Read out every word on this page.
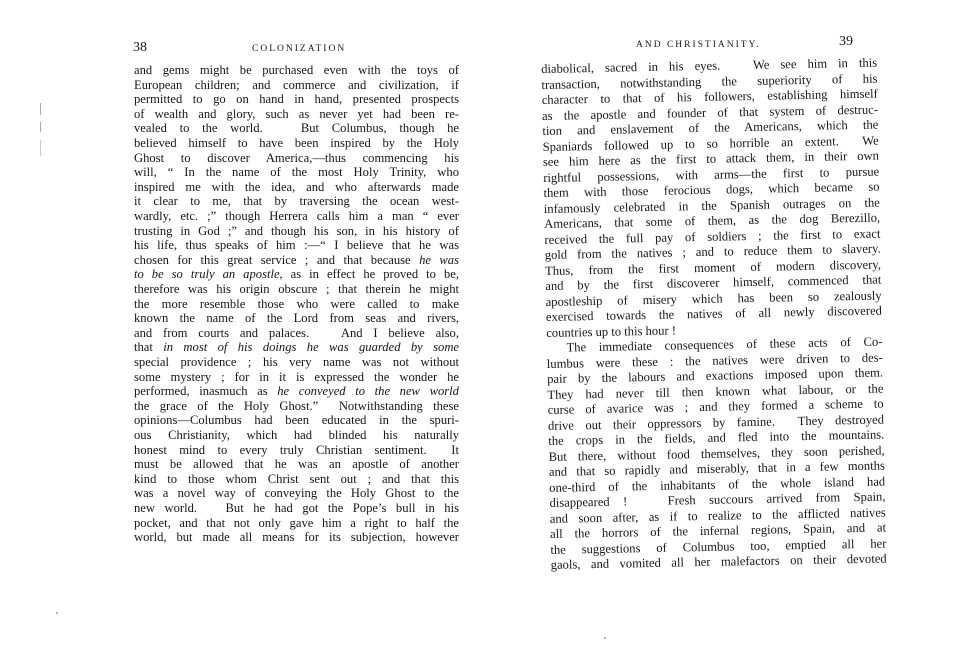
38	COLONIZATION
and gems might be purchased even with the toys of
European children; and commerce and civilization, if
permitted to go on hand in hand, presented prospects
of wealth and glory, such as never yet had been re-
vealed to the world.   But Columbus, though he
believed himself to have been inspired by the Holy
Ghost to discover America,—thus commencing his
will, “ In the name of the most Holy Trinity, who
inspired me with the idea, and who afterwards made
it clear to me, that by traversing the ocean west-
wardly, etc. ;” though Herrera calls him a man “ ever
trusting in God ;” and though his son, in his history of
his life, thus speaks of him :—“ I believe that he was
chosen for this great service ; and that because he was
to be so truly an apostle, as in effect he proved to be,
therefore was his origin obscure ; that therein he might
the more resemble those who were called to make
known the name of the Lord from seas and rivers,
and from courts and palaces.   And I believe also,
that in most of his doings he was guarded by some
special providence ; his very name was not without
some mystery ; for in it is expressed the wonder he
performed, inasmuch as he conveyed to the new world
the grace of the Holy Ghost.”  Notwithstanding these
opinions—Columbus had been educated in the spuri-
ous Christianity, which had blinded his naturally
honest mind to every truly Christian sentiment.  It
must be allowed that he was an apostle of another
kind to those whom Christ sent out ; and that this
was a novel way of conveying the Holy Ghost to the
new world.   But he had got the Pope’s bull in his
pocket, and that not only gave him a right to half the
world, but made all means for its subjection, however
39
AND CHRISTIANITY.
diabolical, sacred in his eyes.   We see him in this
transaction, notwithstanding the superiority of his
character to that of his followers, establishing himself
as the apostle and founder of that system of destruc-
tion and enslavement of the Americans, which the
Spaniards followed up to so horrible an extent.  We
see him here as the first to attack them, in their own
rightful possessions, with arms—the first to pursue
them with those ferocious dogs, which became so
infamously celebrated in the Spanish outrages on the
Americans, that some of them, as the dog Berezillo,
received the full pay of soldiers ; the first to exact
gold from the natives ; and to reduce them to slavery.
Thus, from the first moment of modern discovery,
and by the first discoverer himself, commenced that
apostleship of misery which has been so zealously
exercised towards the natives of all newly discovered
countries up to this hour !
The immediate consequences of these acts of Co-
lumbus were these : the natives were driven to des-
pair by the labours and exactions imposed upon them.
They had never till then known what labour, or the
curse of avarice was ; and they formed a scheme to
drive out their oppressors by famine.  They destroyed
the crops in the fields, and fled into the mountains.
But there, without food themselves, they soon perished,
and that so rapidly and miserably, that in a few months
one-third of the inhabitants of the whole island had
disappeared !   Fresh succours arrived from Spain,
and soon after, as if to realize to the afflicted natives
all the horrors of the infernal regions, Spain, and at
the suggestions of Columbus too, emptied all her
gaols, and vomited all her malefactors on their devoted
